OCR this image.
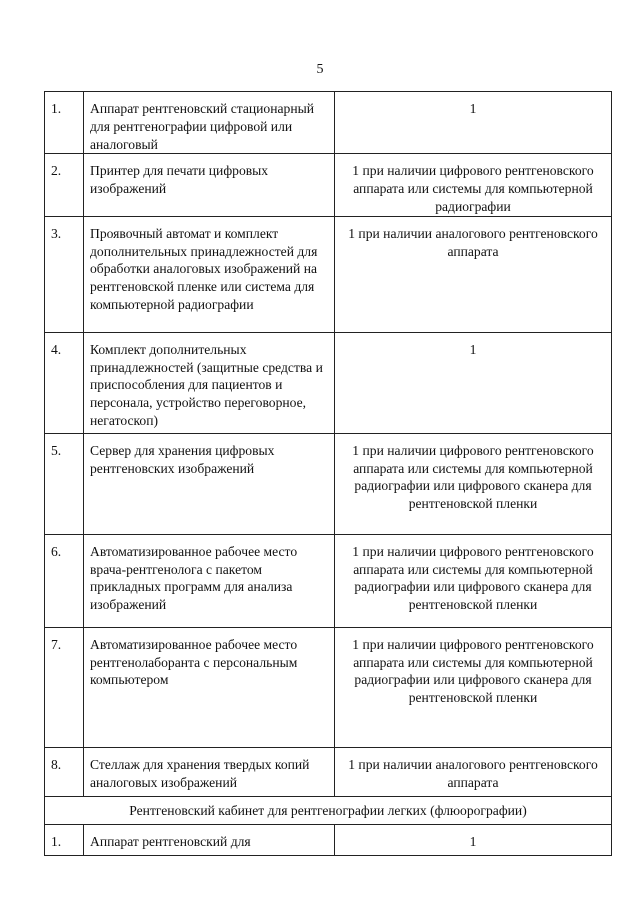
5
1.	Аппарат рентгеновский стационарный для рентгенографии цифровой или аналоговый	1
2.	Принтер для печати цифровых изображений	1 при наличии цифрового рентгеновского аппарата или системы для компьютерной радиографии
3.	Проявочный автомат и комплект дополнительных принадлежностей для обработки аналоговых изображений на рентгеновской пленке или система для компьютерной радиографии	1 при наличии аналогового рентгеновского аппарата
4.	Комплект дополнительных принадлежностей (защитные средства и приспособления для пациентов и персонала, устройство переговорное, негатоскоп)	1
5.	Сервер для хранения цифровых рентгеновских изображений	1 при наличии цифрового рентгеновского аппарата или системы для компьютерной радиографии или цифрового сканера для рентгеновской пленки
6.	Автоматизированное рабочее место врача-рентгенолога с пакетом прикладных программ для анализа изображений	1 при наличии цифрового рентгеновского аппарата или системы для компьютерной радиографии или цифрового сканера для рентгеновской пленки
7.	Автоматизированное рабочее место рентгенолаборанта с персональным компьютером	1 при наличии цифрового рентгеновского аппарата или системы для компьютерной радиографии или цифрового сканера для рентгеновской пленки
8.	Стеллаж для хранения твердых копий аналоговых изображений	1 при наличии аналогового рентгеновского аппарата
Рентгеновский кабинет для рентгенографии легких (флюорографии)		
1.	Аппарат рентгеновский для	1
